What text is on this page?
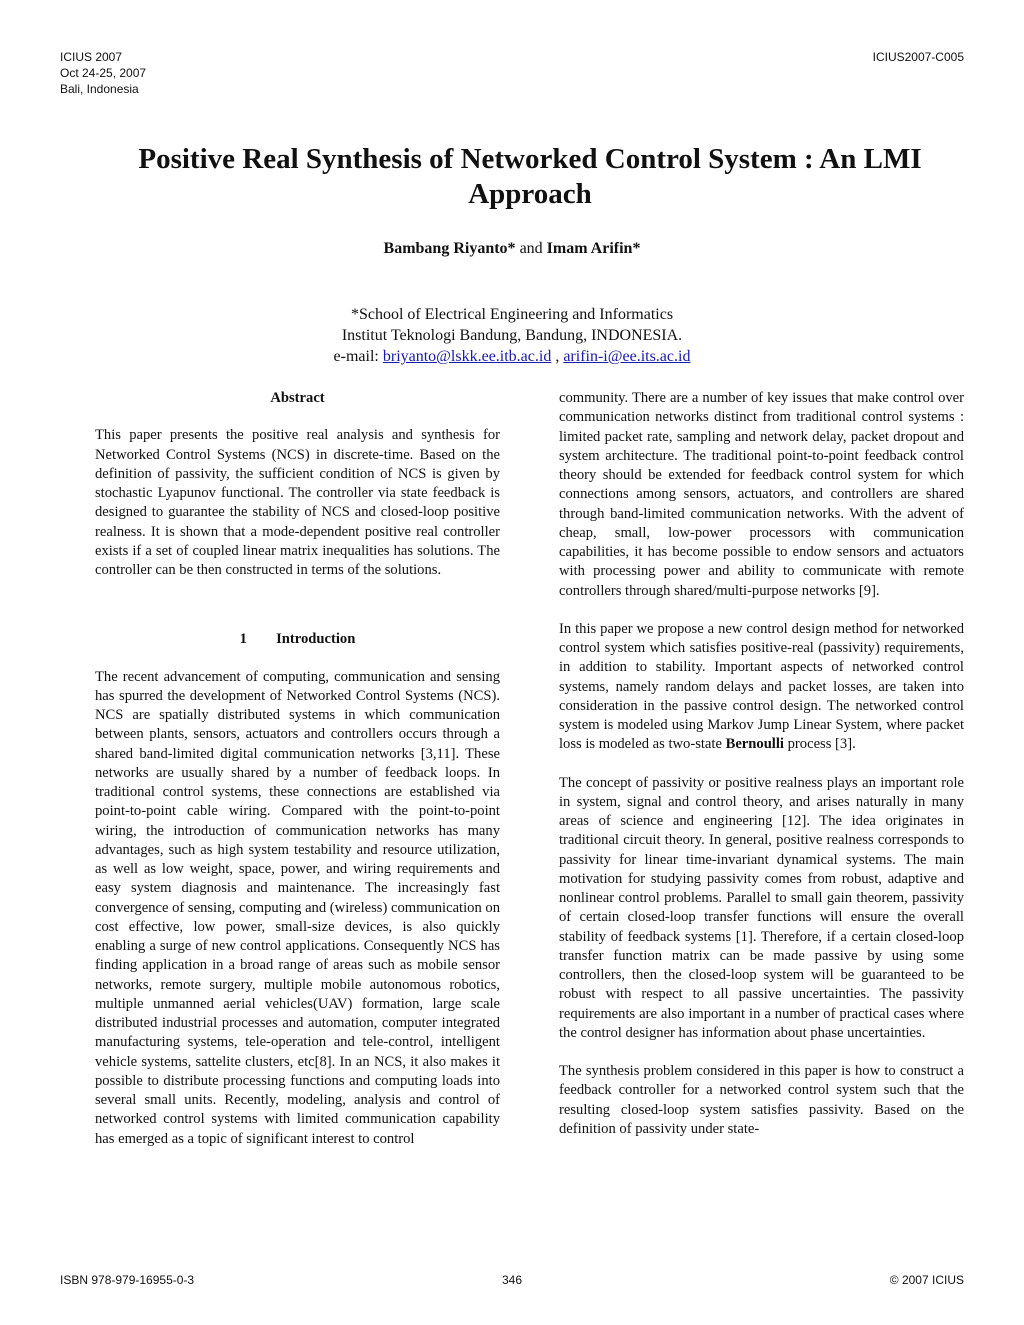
ICIUS 2007
Oct 24-25, 2007
Bali, Indonesia
ICIUS2007-C005
Positive Real Synthesis of Networked Control System : An LMI Approach
Bambang Riyanto* and Imam Arifin*
*School of Electrical Engineering and Informatics
Institut Teknologi Bandung, Bandung, INDONESIA.
e-mail: briyanto@lskk.ee.itb.ac.id , arifin-i@ee.its.ac.id

Abstract

This paper presents the positive real analysis and synthesis for Networked Control Systems (NCS) in discrete-time. Based on the definition of passivity, the sufficient condition of NCS is given by stochastic Lyapunov functional. The controller via state feedback is designed to guarantee the stability of NCS and closed-loop positive realness. It is shown that a mode-dependent positive real controller exists if a set of coupled linear matrix inequalities has solutions. The controller can be then constructed in terms of the solutions.

1  Introduction

The recent advancement of computing, communication and sensing has spurred the development of Networked Control Systems (NCS). NCS are spatially distributed systems in which communication between plants, sensors, actuators and controllers occurs through a shared band-limited digital communication networks [3,11]. These networks are usually shared by a number of feedback loops. In traditional control systems, these connections are established via point-to-point cable wiring. Compared with the point-to-point wiring, the introduction of communication networks has many advantages, such as high system testability and resource utilization, as well as low weight, space, power, and wiring requirements and easy system diagnosis and maintenance. The increasingly fast convergence of sensing, computing and (wireless) communication on cost effective, low power, small-size devices, is also quickly enabling a surge of new control applications. Consequently NCS has finding application in a broad range of areas such as mobile sensor networks, remote surgery, multiple mobile autonomous robotics, multiple unmanned aerial vehicles(UAV) formation, large scale distributed industrial processes and automation, computer integrated manufacturing systems, tele-operation and tele-control, intelligent vehicle systems, sattelite clusters, etc[8]. In an NCS, it also makes it possible to distribute processing functions and computing loads into several small units. Recently, modeling, analysis and control of networked control systems with limited communication capability has emerged as a topic of significant interest to control

community. There are a number of key issues that make control over communication networks distinct from traditional control systems : limited packet rate, sampling and network delay, packet dropout and system architecture. The traditional point-to-point feedback control theory should be extended for feedback control system for which connections among sensors, actuators, and controllers are shared through band-limited communication networks. With the advent of cheap, small, low-power processors with communication capabilities, it has become possible to endow sensors and actuators with processing power and ability to communicate with remote controllers through shared/multi-purpose networks [9].

In this paper we propose a new control design method for networked control system which satisfies positive-real (passivity) requirements, in addition to stability. Important aspects of networked control systems, namely random delays and packet losses, are taken into consideration in the passive control design. The networked control system is modeled using Markov Jump Linear System, where packet loss is modeled as two-state Bernoulli process [3].

The concept of passivity or positive realness plays an important role in system, signal and control theory, and arises naturally in many areas of science and engineering [12]. The idea originates in traditional circuit theory. In general, positive realness corresponds to passivity for linear time-invariant dynamical systems. The main motivation for studying passivity comes from robust, adaptive and nonlinear control problems. Parallel to small gain theorem, passivity of certain closed-loop transfer functions will ensure the overall stability of feedback systems [1]. Therefore, if a certain closed-loop transfer function matrix can be made passive by using some controllers, then the closed-loop system will be guaranteed to be robust with respect to all passive uncertainties. The passivity requirements are also important in a number of practical cases where the control designer has information about phase uncertainties.

The synthesis problem considered in this paper is how to construct a feedback controller for a networked control system such that the resulting closed-loop system satisfies passivity. Based on the definition of passivity under state-

ISBN 978-979-16955-0-3	346	© 2007 ICIUS
